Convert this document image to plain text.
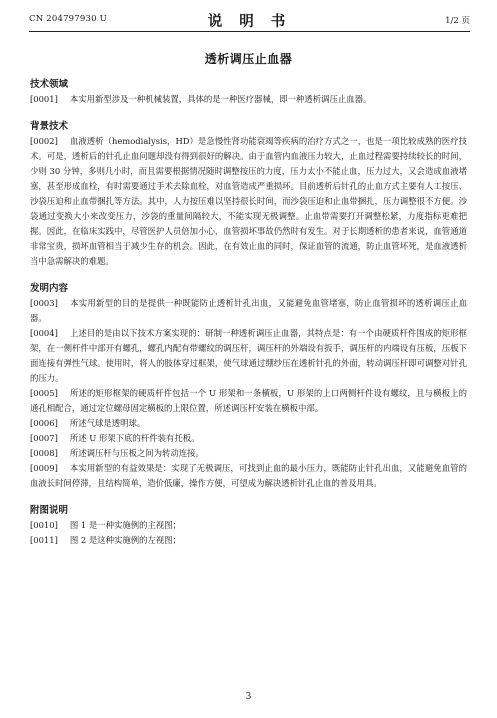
CN 204797930 U	说 明 书	1/2 页
透析调压止血器
技术领域

[0001] 本实用新型涉及一种机械装置，具体的是一种医疗器械，即一种透析调压止血器。

背景技术

[0002] 血液透析（hemodialysis，HD）是急慢性肾功能衰竭等疾病的治疗方式之一，也是一项比较成熟的医疗技术。可是，透析后的针孔止血问题却没有得到很好的解决。由于血管内血液压力较大，止血过程需要持续较长的时间，少则 30 分钟，多则几小时，而且需要根据情况随时调整按压的力度，压力太小不能止血，压力过大，又会造成血液堵塞，甚至形成血栓，有时需要通过手术去除血栓，对血管造成严重损坏。目前透析后针孔的止血方式主要有人工按压、沙袋压迫和止血带捆扎等方法。其中，人力按压难以坚持很长时间，而沙袋压迫和止血带捆扎，压力调整很不方便。沙袋通过变换大小来改变压力，沙袋的重量间隔较大，不能实现无极调整。止血带需要打开调整松紧，力度指标更难把握。因此，在临床实践中，尽管医护人员倍加小心，血管损坏事故仍然时有发生。对于长期透析的患者来说，血管通道非常宝贵，损坏血管相当于减少生存的机会。因此，在有效止血的同时，保证血管的流通，防止血管坏死，是血液透析当中急需解决的难题。

发明内容

[0003] 本实用新型的目的是提供一种既能防止透析针孔出血，又能避免血管堵塞，防止血管损坏的透析调压止血器。

[0004] 上述目的是由以下技术方案实现的：研制一种透析调压止血器，其特点是：有一个由硬质杆件围成的矩形框架，在一侧杆件中部开有螺孔，螺孔内配有带螺纹的调压杆，调压杆的外端设有扳手，调压杆的内端设有压板，压板下面连接有弹性气球。使用时，将人的肢体穿过框架，使气球通过绷纱压在透析针孔的外面，转动调压杆即可调整对针孔的压力。

[0005] 所述的矩形框架的硬质杆件包括一个 U 形架和一条横板，U 形架的上口两侧杆件设有螺纹，且与横板上的通孔相配合，通过定位螺母固定横板的上限位置，所述调压杆安装在横板中部。

[0006] 所述气球是透明球。

[0007] 所述 U 形架下底的杆件装有托板。

[0008] 所述调压杆与压板之间为转动连接。

[0009] 本实用新型的有益效果是：实现了无极调压，可找到止血的最小压力，既能防止针孔出血，又能避免血管的血液长时间停滞，且结构简单，造价低廉，操作方便，可望成为解决透析针孔止血的普及用具。

附图说明

[0010] 图 1 是一种实施例的主视图；

[0011] 图 2 是这种实施例的左视图；

3
